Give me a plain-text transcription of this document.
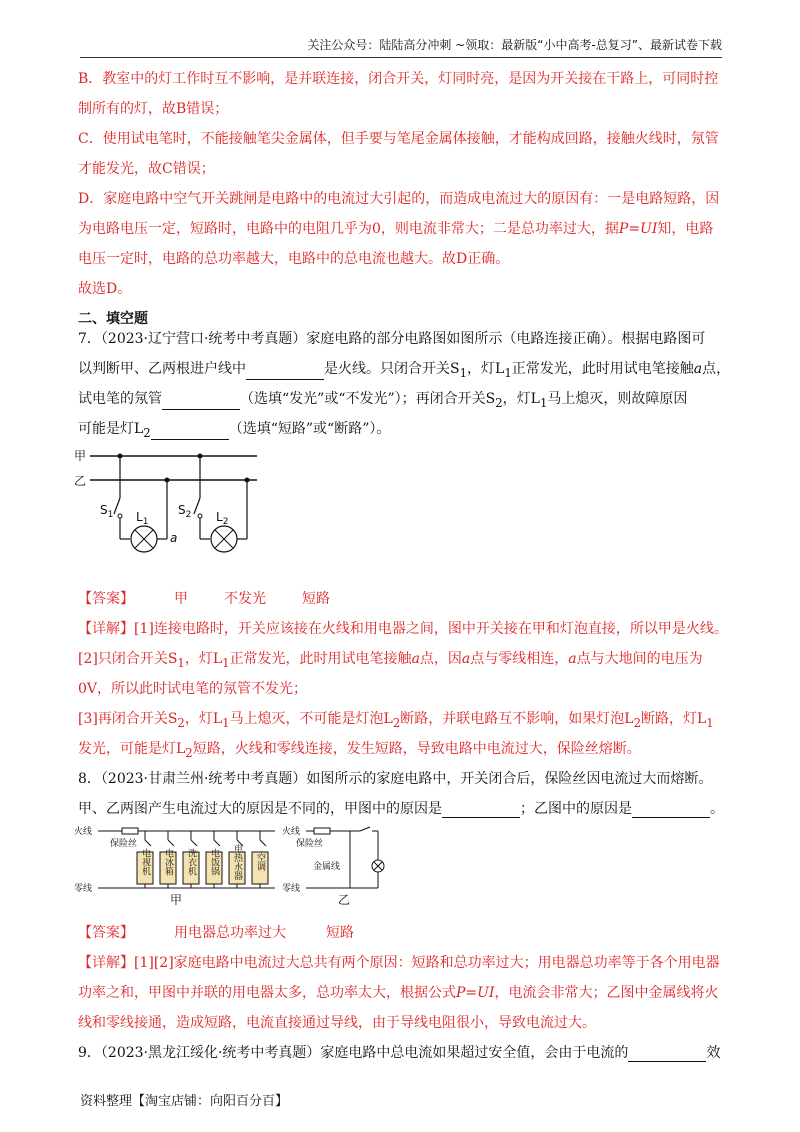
关注公众号：陆陆高分冲刺 ~领取：最新版“小中高考-总复习”、最新试卷下载
B．教室中的灯工作时互不影响，是并联连接，闭合开关，灯同时亮，是因为开关接在干路上，可同时控
制所有的灯，故B错误；
C．使用试电笔时，不能接触笔尖金属体，但手要与笔尾金属体接触，才能构成回路，接触火线时，氖管
才能发光，故C错误；
D．家庭电路中空气开关跳闸是电路中的电流过大引起的，而造成电流过大的原因有：一是电路短路，因
为电路电压一定，短路时，电路中的电阻几乎为0，则电流非常大；二是总功率过大，据P=UI知，电路
电压一定时，电路的总功率越大，电路中的总电流也越大。故D正确。
故选D。
二、填空题
7．（2023·辽宁营口·统考中考真题）家庭电路的部分电路图如图所示（电路连接正确）。根据电路图可
以判断甲、乙两根进户线中	是火线。只闭合开关$S_1$，灯$L_1$正常发光，此时用试电笔接触a点，
试电笔的氖管	（选填“发光”或“不发光”）；再闭合开关$S_2$，灯$L_1$马上熄灭，则故障原因
可能是灯$L_2$	（选填“短路”或“断路”）。
甲
乙
$S_1$ $L_1$
a
$S_2$ $L_2$
【答案】	甲	不发光	短路
【详解】[1]连接电路时，开关应该接在火线和用电器之间，图中开关接在甲和灯泡直接，所以甲是火线。
[2]只闭合开关$S_1$，灯$L_1$正常发光，此时用试电笔接触a点，因a点与零线相连，a点与大地间的电压为
0V，所以此时试电笔的氖管不发光；
[3]再闭合开关$S_2$，灯$L_1$马上熄灭，不可能是灯泡$L_2$断路，并联电路互不影响，如果灯泡$L_2$断路，灯$L_1$
发光，可能是灯$L_2$短路，火线和零线连接，发生短路，导致电路中电流过大，保险丝熔断。
8．（2023·甘肃兰州·统考中考真题）如图所示的家庭电路中，开关闭合后，保险丝因电流过大而熔断。
甲、乙两图产生电流过大的原因是不同的，甲图中的原因是	；乙图中的原因是	。
火线
保险丝
零线
甲
电视机 电冰箱 洗衣机 电饭锅 电热水器 空调
火线
保险丝
金属线
零线
乙
【答案】	用电器总功率过大	短路
【详解】[1][2]家庭电路中电流过大总共有两个原因：短路和总功率过大；用电器总功率等于各个用电器
功率之和，甲图中并联的用电器太多，总功率太大，根据公式P=UI，电流会非常大；乙图中金属线将火
线和零线接通，造成短路，电流直接通过导线，由于导线电阻很小，导致电流过大。
9．（2023·黑龙江绥化·统考中考真题）家庭电路中总电流如果超过安全值，会由于电流的	效
资料整理【淘宝店铺：向阳百分百】
